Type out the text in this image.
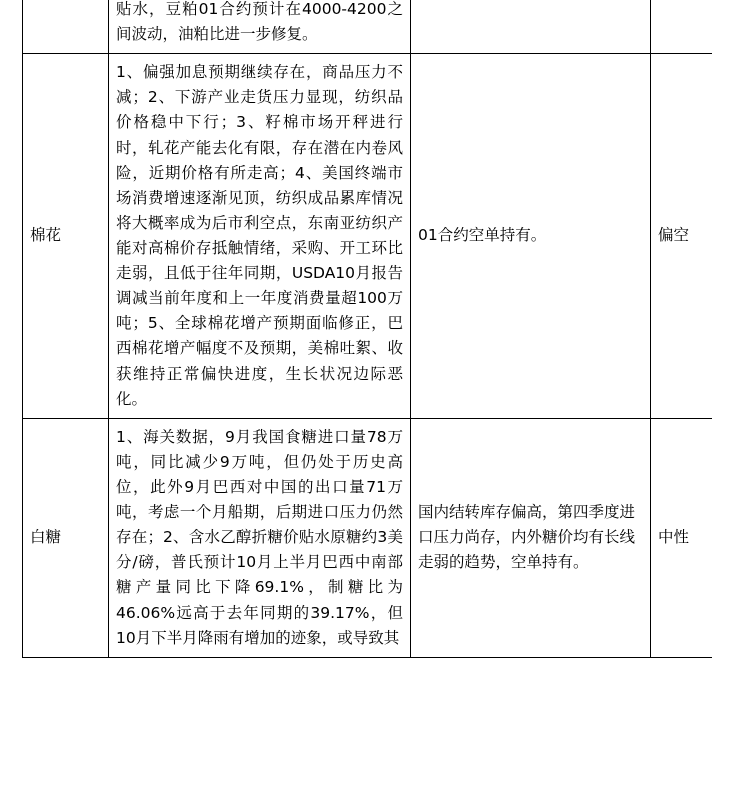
	贴水，豆粕01合约预计在4000-4200之间波动，油粕比进一步修复。		
棉花	1、偏强加息预期继续存在，商品压力不减；2、下游产业走货压力显现，纺织品价格稳中下行；3、籽棉市场开秤进行时，轧花产能去化有限，存在潜在内卷风险，近期价格有所走高；4、美国终端市场消费增速逐渐见顶，纺织成品累库情况将大概率成为后市利空点，东南亚纺织产能对高棉价存抵触情绪，采购、开工环比走弱，且低于往年同期，USDA10月报告调减当前年度和上一年度消费量超100万吨；5、全球棉花增产预期面临修正，巴西棉花增产幅度不及预期，美棉吐絮、收获维持正常偏快进度，生长状况边际恶化。	01合约空单持有。	偏空
白糖	1、海关数据，9月我国食糖进口量78万吨，同比减少9万吨，但仍处于历史高位，此外9月巴西对中国的出口量71万吨，考虑一个月船期，后期进口压力仍然存在；2、含水乙醇折糖价贴水原糖约3美分/磅，普氏预计10月上半月巴西中南部糖产量同比下降69.1%，制糖比为46.06%远高于去年同期的39.17%，但10月下半月降雨有增加的迹象，或导致其	国内结转库存偏高，第四季度进口压力尚存，内外糖价均有长线走弱的趋势，空单持有。	中性
